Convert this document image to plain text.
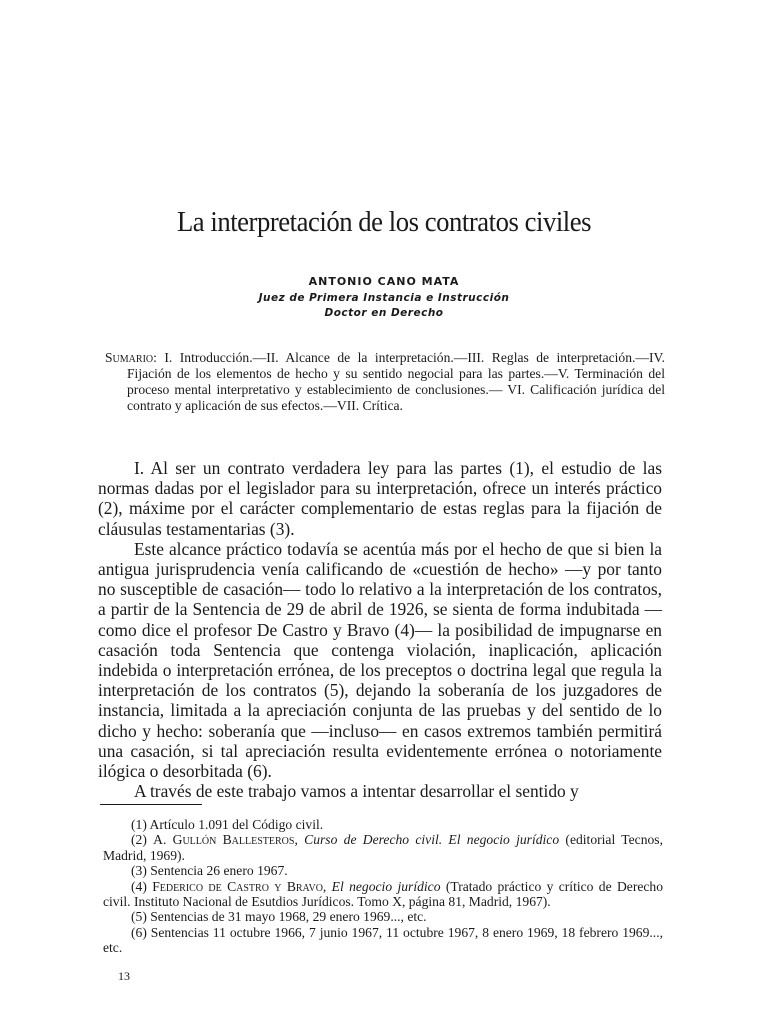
La interpretación de los contratos civiles
ANTONIO CANO MATA
Juez de Primera Instancia e Instrucción
Doctor en Derecho

Sumario: I. Introducción.—II. Alcance de la interpretación.—III. Reglas de interpretación.—IV. Fijación de los elementos de hecho y su sentido negocial para las partes.—V. Terminación del proceso mental interpretativo y establecimiento de conclusiones.— VI. Calificación jurídica del contrato y aplicación de sus efectos.—VII. Crítica.

I. Al ser un contrato verdadera ley para las partes (1), el estudio de las normas dadas por el legislador para su interpretación, ofrece un interés práctico (2), máxime por el carácter complementario de estas reglas para la fijación de cláusulas testamentarias (3).

Este alcance práctico todavía se acentúa más por el hecho de que si bien la antigua jurisprudencia venía calificando de «cuestión de hecho» —y por tanto no susceptible de casación— todo lo relativo a la interpretación de los contratos, a partir de la Sentencia de 29 de abril de 1926, se sienta de forma indubitada —como dice el profesor De Castro y Bravo (4)— la posibilidad de impugnarse en casación toda Sentencia que contenga violación, inaplicación, aplicación indebida o interpretación errónea, de los preceptos o doctrina legal que regula la interpretación de los contratos (5), dejando la soberanía de los juzgadores de instancia, limitada a la apreciación conjunta de las pruebas y del sentido de lo dicho y hecho: soberanía que —incluso— en casos extremos también permitirá una casación, si tal apreciación resulta evidentemente errónea o notoriamente ilógica o desorbitada (6).

A través de este trabajo vamos a intentar desarrollar el sentido y

(1) Artículo 1.091 del Código civil.

(2) A. Gullón Ballesteros, Curso de Derecho civil. El negocio jurídico (editorial Tecnos, Madrid, 1969).

(3) Sentencia 26 enero 1967.

(4) Federico de Castro y Bravo, El negocio jurídico (Tratado práctico y crítico de Derecho civil. Instituto Nacional de Esutdios Jurídicos. Tomo X, página 81, Madrid, 1967).

(5) Sentencias de 31 mayo 1968, 29 enero 1969..., etc.

(6) Sentencias 11 octubre 1966, 7 junio 1967, 11 octubre 1967, 8 enero 1969, 18 febrero 1969..., etc.

13
